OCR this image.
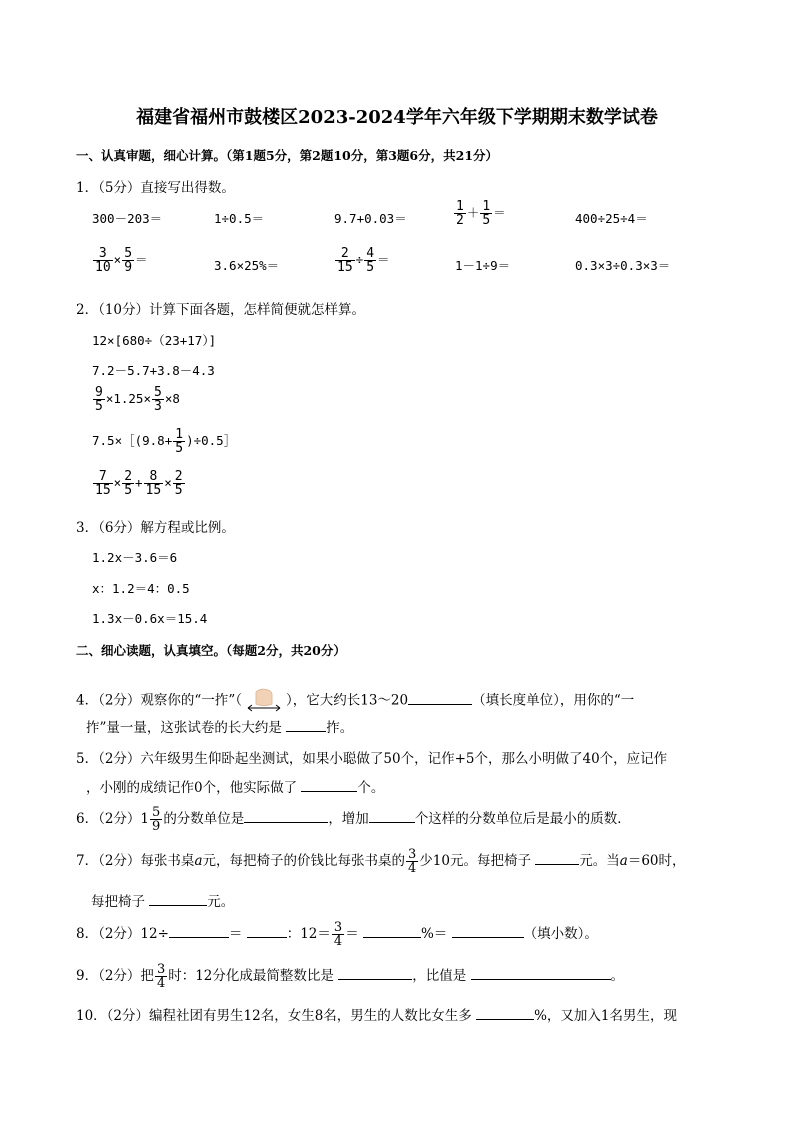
福建省福州市鼓楼区2023-2024学年六年级下学期期末数学试卷
一、认真审题，细心计算。（第1题5分，第2题10分，第3题6分，共21分）
1．（5分）直接写出得数。
300－203＝	1÷0.5＝	9.7+0.03＝	$\frac{1}{2} + \frac{1}{5}$ ＝	400÷25÷4＝
$\frac{3}{10} \times \frac{5}{9}$ ＝	3.6×25%＝	$\frac{2}{15} \div \frac{4}{5}$ ＝	1－1÷9＝	0.3×3÷0.3×3＝
2．（10分）计算下面各题，怎样简便就怎样算。
12×[680÷（23+17）]
7.2－5.7+3.8－4.3
$\frac{9}{5} \times 1.25\times \frac{5}{3} \times 8$
7.5×［(9.8+ $\frac{1}{5}$ )÷0.5］
$\frac{7}{15} \times \frac{2}{5} + \frac{8}{15} \times \frac{2}{5}$
3．（6分）解方程或比例。
1.2x－3.6＝6
x：1.2＝4：0.5
1.3x－0.6x＝15.4
二、细心读题，认真填空。（每题2分，共20分）
4．（2分）观察你的“一拃”（	），它大约长13～20	（填长度单位），用你的“一
拃”量一量，这张试卷的长大约是	拃。
5．（2分）六年级男生仰卧起坐测试，如果小聪做了50个，记作+5个，那么小明做了40个，应记作
，小刚的成绩记作0个，他实际做了	个。
6．（2分）$1 \frac{5}{9}$ 的分数单位是	，增加	个这样的分数单位后是最小的质数．
7．（2分）每张书桌a元，每把椅子的价钱比每张书桌的 $\frac{3}{4}$ 少10元。每把椅子	元。当a＝60时，
每把椅子	元。
8．（2分）12÷	＝	：$12= \frac{3}{4}$ ＝	%＝	（填小数）。
9．（2分）把 $\frac{3}{4}$ 时：12分化成最简整数比是	，比值是	。
10．（2分）编程社团有男生12名，女生8名，男生的人数比女生多	%，又加入1名男生，现
